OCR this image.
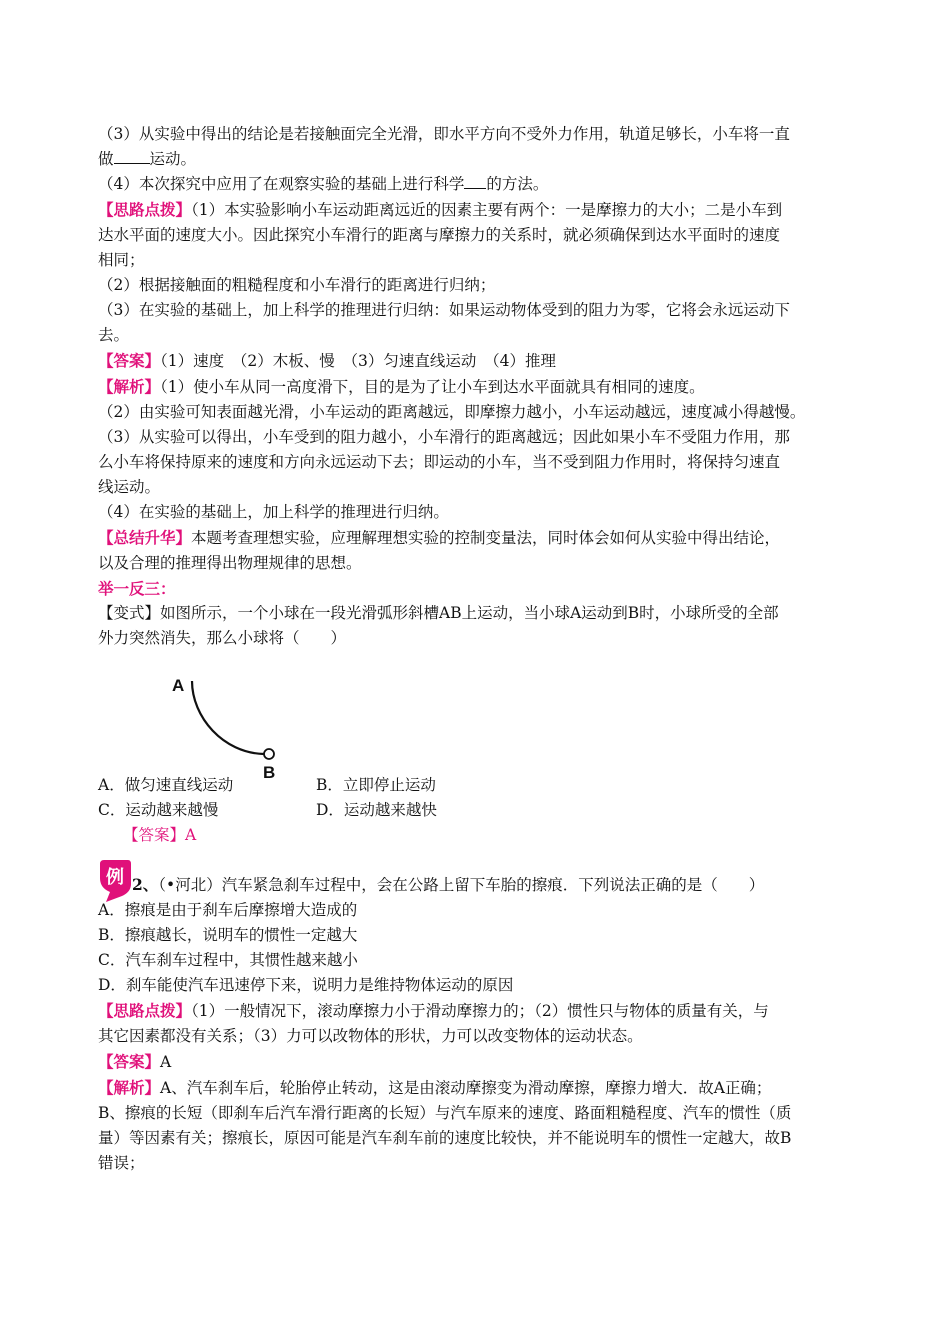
（3）从实验中得出的结论是若接触面完全光滑，即水平方向不受外力作用，轨道足够长，小车将一直
做 运动。
（4）本次探究中应用了在观察实验的基础上进行科学 的方法。
【思路点拨】（1）本实验影响小车运动距离远近的因素主要有两个：一是摩擦力的大小；二是小车到
达水平面的速度大小。因此探究小车滑行的距离与摩擦力的关系时，就必须确保到达水平面时的速度
相同；
（2）根据接触面的粗糙程度和小车滑行的距离进行归纳；
（3）在实验的基础上，加上科学的推理进行归纳：如果运动物体受到的阻力为零，它将会永远运动下
去。
【答案】（1）速度　（2）木板、慢　（3）匀速直线运动　（4）推理
【解析】（1）使小车从同一高度滑下，目的是为了让小车到达水平面就具有相同的速度。
（2）由实验可知表面越光滑，小车运动的距离越远，即摩擦力越小，小车运动越远，速度减小得越慢。
（3）从实验可以得出，小车受到的阻力越小，小车滑行的距离越远；因此如果小车不受阻力作用，那
么小车将保持原来的速度和方向永远运动下去；即运动的小车，当不受到阻力作用时，将保持匀速直
线运动。
（4）在实验的基础上，加上科学的推理进行归纳。
【总结升华】本题考查理想实验，应理解理想实验的控制变量法，同时体会如何从实验中得出结论，
以及合理的推理得出物理规律的思想。
举一反三：
【变式】如图所示，一个小球在一段光滑弧形斜槽AB上运动，当小球A运动到B时，小球所受的全部
外力突然消失，那么小球将（　　）
A
B
A．做匀速直线运动	B．立即停止运动
C．运动越来越慢	D．运动越来越快
【答案】A
例 2、（•河北）汽车紧急刹车过程中，会在公路上留下车胎的擦痕．下列说法正确的是（　　）
A．擦痕是由于刹车后摩擦增大造成的
B．擦痕越长，说明车的惯性一定越大
C．汽车刹车过程中，其惯性越来越小
D．刹车能使汽车迅速停下来，说明力是维持物体运动的原因
【思路点拨】（1）一般情况下，滚动摩擦力小于滑动摩擦力的；（2）惯性只与物体的质量有关，与
其它因素都没有关系；（3）力可以改物体的形状，力可以改变物体的运动状态。
【答案】A
【解析】A、汽车刹车后，轮胎停止转动，这是由滚动摩擦变为滑动摩擦，摩擦力增大．故A正确；
B、擦痕的长短（即刹车后汽车滑行距离的长短）与汽车原来的速度、路面粗糙程度、汽车的惯性（质
量）等因素有关；擦痕长，原因可能是汽车刹车前的速度比较快，并不能说明车的惯性一定越大，故B
错误；
